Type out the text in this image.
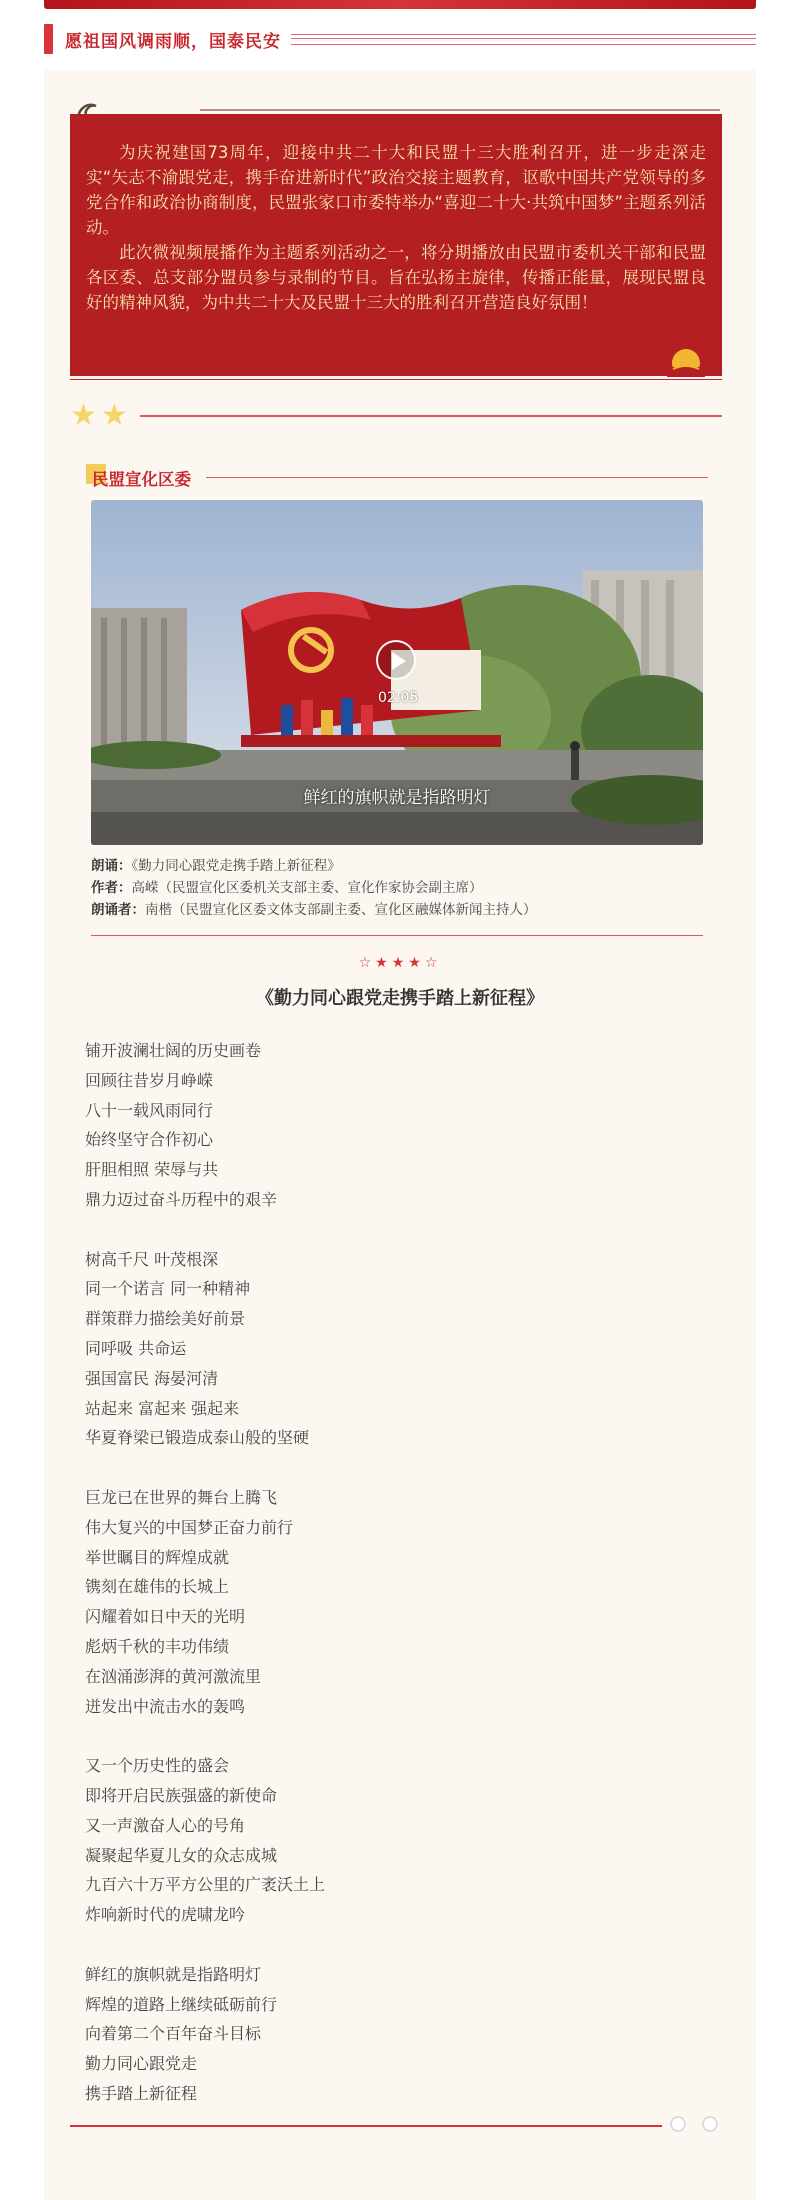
愿祖国风调雨顺，国泰民安

为庆祝建国73周年，迎接中共二十大和民盟十三大胜利召开，进一步走深走实“矢志不渝跟党走，携手奋进新时代”政治交接主题教育，讴歌中国共产党领导的多党合作和政治协商制度，民盟张家口市委特举办“喜迎二十大·共筑中国梦”主题系列活动。

此次微视频展播作为主题系列活动之一，将分期播放由民盟市委机关干部和民盟各区委、总支部分盟员参与录制的节目。旨在弘扬主旋律，传播正能量，展现民盟良好的精神风貌，为中共二十大及民盟十三大的胜利召开营造良好氛围！

★ ★
民盟宣化区委
02:05
鲜红的旗帜就是指路明灯
朗诵：《勤力同心跟党走携手踏上新征程》
作者：高嵘（民盟宣化区委机关支部主委、宣化作家协会副主席）
朗诵者：南楷（民盟宣化区委文体支部副主委、宣化区融媒体新闻主持人）
☆★★★☆
《勤力同心跟党走携手踏上新征程》
铺开波澜壮阔的历史画卷
回顾往昔岁月峥嵘
八十一载风雨同行
始终坚守合作初心
肝胆相照 荣辱与共
鼎力迈过奋斗历程中的艰辛
树高千尺 叶茂根深
同一个诺言 同一种精神
群策群力描绘美好前景
同呼吸 共命运
强国富民 海晏河清
站起来 富起来 强起来
华夏脊梁已锻造成泰山般的坚硬
巨龙已在世界的舞台上腾飞
伟大复兴的中国梦正奋力前行
举世瞩目的辉煌成就
镌刻在雄伟的长城上
闪耀着如日中天的光明
彪炳千秋的丰功伟绩
在汹涌澎湃的黄河激流里
迸发出中流击水的轰鸣
又一个历史性的盛会
即将开启民族强盛的新使命
又一声激奋人心的号角
凝聚起华夏儿女的众志成城
九百六十万平方公里的广袤沃土上
炸响新时代的虎啸龙吟
鲜红的旗帜就是指路明灯
辉煌的道路上继续砥砺前行
向着第二个百年奋斗目标
勤力同心跟党走
携手踏上新征程
